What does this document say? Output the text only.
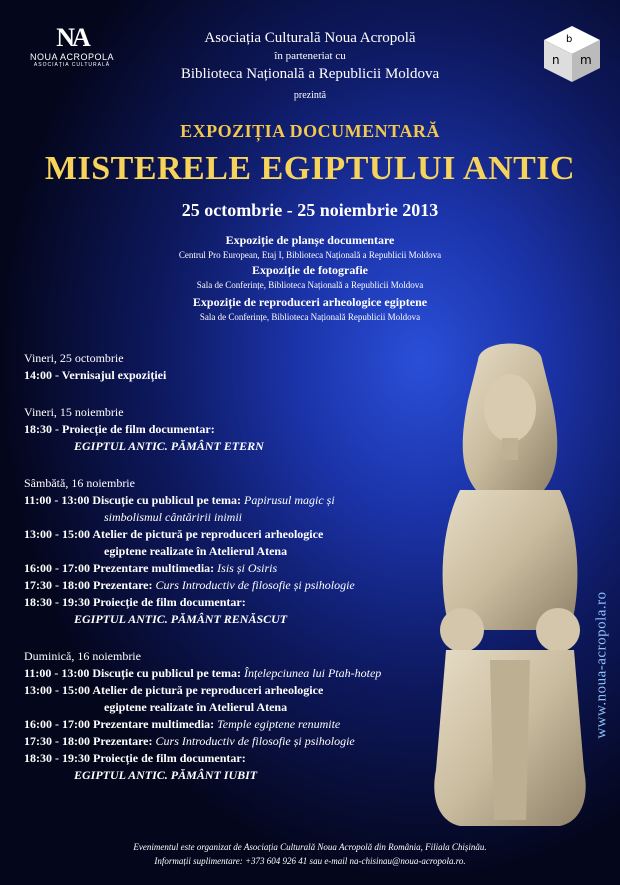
NA
NOUA ACROPOLA
ASOCIAȚIA CULTURALĂ
b
n m
Asociația Culturală Noua Acropolă
în parteneriat cu
Biblioteca Națională a Republicii Moldova
prezintă
EXPOZIȚIA DOCUMENTARĂ
MISTERELE EGIPTULUI ANTIC
25 octombrie - 25 noiembrie 2013
Expoziție de planșe documentare
Centrul Pro European, Etaj I, Biblioteca Națională a Republicii Moldova
Expoziție de fotografie
Sala de Conferințe, Biblioteca Națională a Republicii Moldova
Expoziție de reproduceri arheologice egiptene
Sala de Conferințe, Biblioteca Națională Republicii Moldova
Vineri, 25 octombrie
14:00 - Vernisajul expoziției
Vineri, 15 noiembrie
18:30 - Proiecție de film documentar:
EGIPTUL ANTIC. PĂMÂNT ETERN
Sâmbătă, 16 noiembrie
11:00 - 13:00 Discuție cu publicul pe tema: Papirusul magic și
simbolismul cântăririi inimii
13:00 - 15:00 Atelier de pictură pe reproduceri arheologice
egiptene realizate în Atelierul Atena
16:00 - 17:00 Prezentare multimedia: Isis și Osiris
17:30 - 18:00 Prezentare: Curs Introductiv de filosofie și psihologie
18:30 - 19:30 Proiecție de film documentar:
EGIPTUL ANTIC. PĂMÂNT RENĂSCUT
Duminică, 16 noiembrie
11:00 - 13:00 Discuție cu publicul pe tema: Înțelepciunea lui Ptah-hotep
13:00 - 15:00 Atelier de pictură pe reproduceri arheologice
egiptene realizate în Atelierul Atena
16:00 - 17:00 Prezentare multimedia: Temple egiptene renumite
17:30 - 18:00 Prezentare: Curs Introductiv de filosofie și psihologie
18:30 - 19:30 Proiecție de film documentar:
EGIPTUL ANTIC. PĂMÂNT IUBIT
www.noua-acropola.ro
Evenimentul este organizat de Asociația Culturală Noua Acropolă din România, Filiala Chișinău.
Informații suplimentare: +373 604 926 41 sau e-mail na-chisinau@noua-acropola.ro.
